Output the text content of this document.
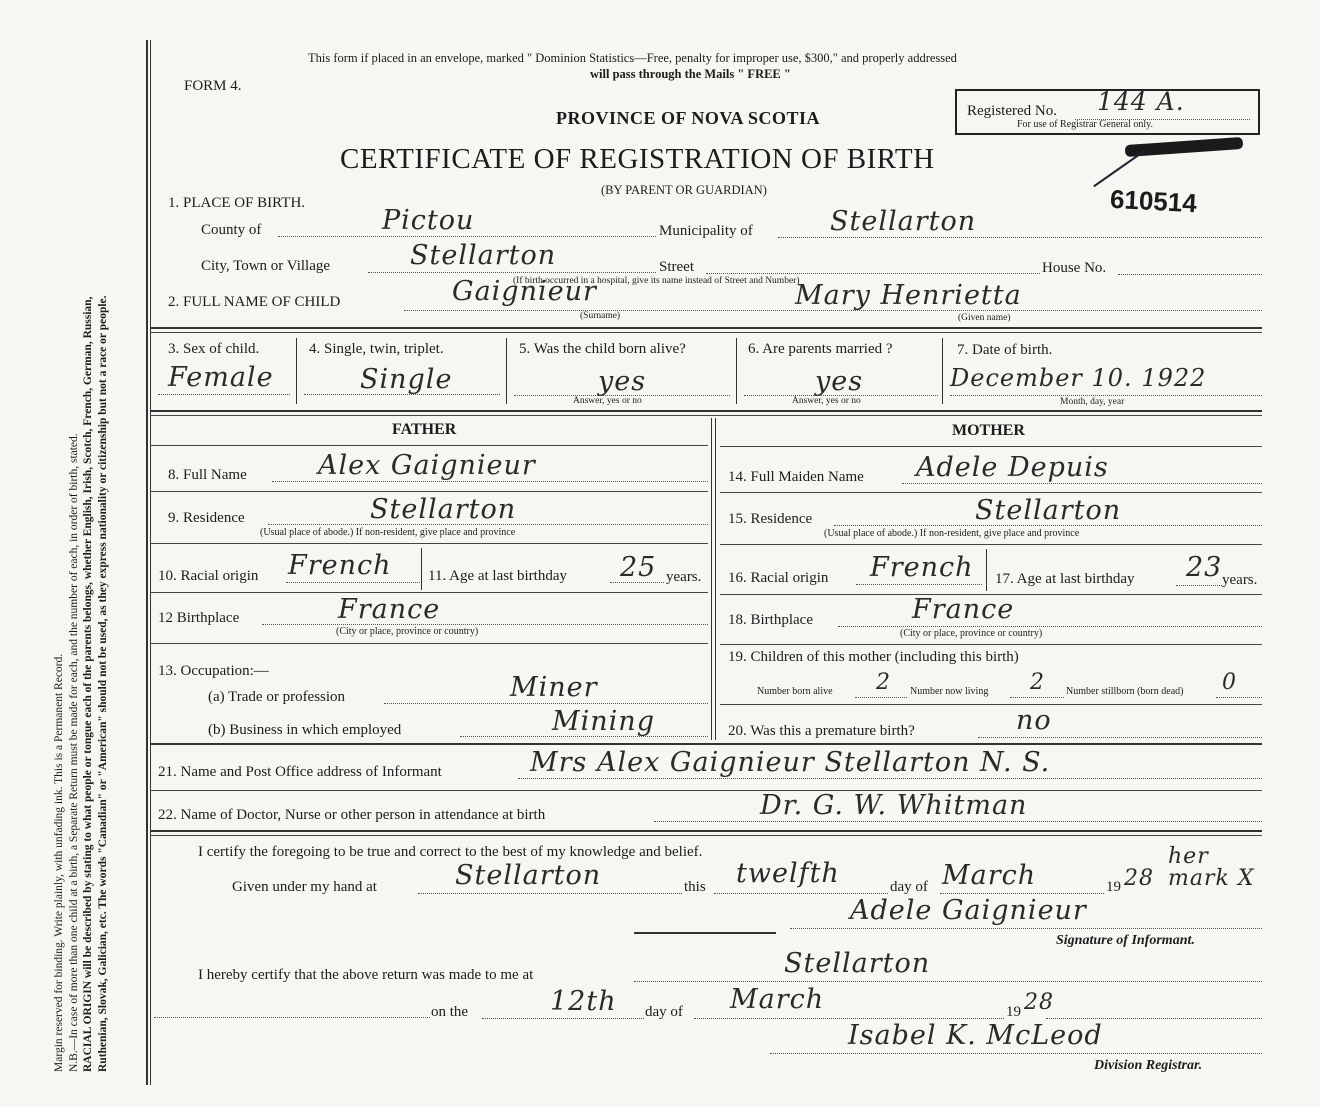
Margin reserved for binding. Write plainly, with unfading ink. This is a Permanent Record. N.B.—In case of more than one child at a birth, a Separate Return must be made for each, and the number of each, in order of birth, stated. RACIAL ORIGIN will be described by stating to what people or tongue each of the parents belongs, whether English, Irish, Scotch, French, German, Russian, Ruthenian, Slovak, Galician, etc. The words "Canadian" or "American" should not be used, as they express nationality or citizenship but not a race or people.
This form if placed in an envelope, marked " Dominion Statistics—Free, penalty for improper use, $300," and properly addressed
will pass through the Mails " FREE "
FORM 4.
PROVINCE OF NOVA SCOTIA
CERTIFICATE OF REGISTRATION OF BIRTH
(BY PARENT OR GUARDIAN)
Registered No. 144 A.
For use of Registrar General only.
610514
1. PLACE OF BIRTH.
County of	Pictou	Municipality of	Stellarton
City, Town or Village	Stellarton	Street	House No.
(If birth occurred in a hospital, give its name instead of Street and Number)
2. FULL NAME OF CHILD	Gaignieur
(Surname)
Mary Henrietta
(Given name)
3. Sex of child.
Female
4. Single, twin, triplet.
Single
5. Was the child born alive?
yes
Answer, yes or no
6. Are parents married ?
yes
Answer, yes or no
7. Date of birth.
December 10. 1922
Month, day, year
FATHER
8. Full Name	Alex Gaignieur
9. Residence	Stellarton
(Usual place of abode.) If non-resident, give place and province
10. Racial origin French 11. Age at last birthday 25 years.
12 Birthplace	France
(City or place, province or country)
13. Occupation:—
(a) Trade or profession	Miner
(b) Business in which employed	Mining
MOTHER
14. Full Maiden Name Adele Depuis
15. Residence	Stellarton
(Usual place of abode.) If non-resident, give place and province
16. Racial origin French 17. Age at last birthday 23 years.
18. Birthplace	France
(City or place, province or country)
19. Children of this mother (including this birth)
Number born alive 2 Number now living 2 Number stillborn (born dead) 0
20. Was this a premature birth?	no
21. Name and Post Office address of Informant	Mrs Alex Gaignieur Stellarton N. S.
22. Name of Doctor, Nurse or other person in attendance at birth	Dr. G. W. Whitman
I certify the foregoing to be true and correct to the best of my knowledge and belief.
Given under my hand at	Stellarton	this twelfth	day of March	19 28
her mark X
Adele Gaignieur
Signature of Informant.
I hereby certify that the above return was made to me at	Stellarton
on the	12th day of March	19 28
Isabel K. McLeod
Division Registrar.
